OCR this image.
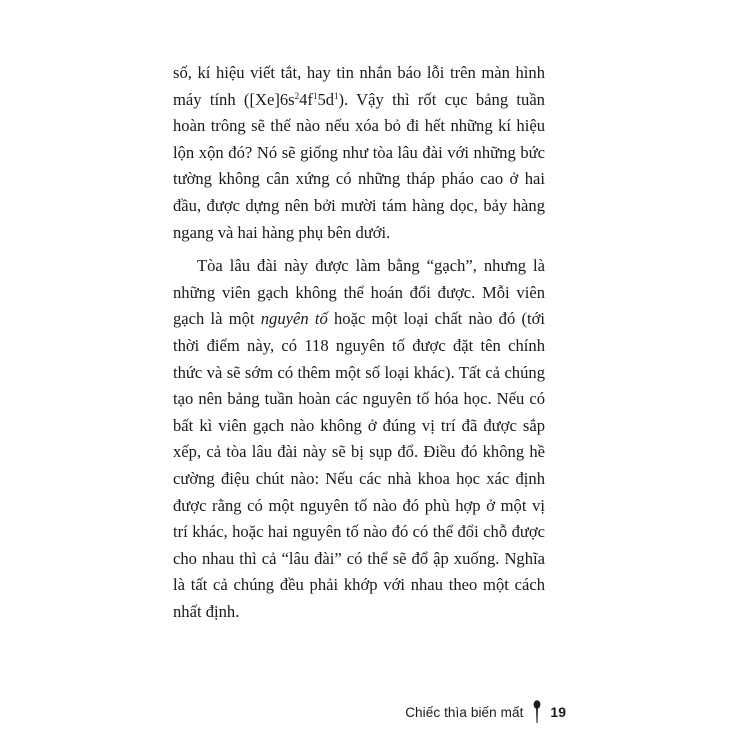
số, kí hiệu viết tắt, hay tin nhắn báo lỗi trên màn hình máy tính $([Xe]6s^24f^15d^1)$. Vậy thì rốt cục bảng tuần hoàn trông sẽ thế nào nếu xóa bỏ đi hết những kí hiệu lộn xộn đó? Nó sẽ giống như tòa lâu đài với những bức tường không cân xứng có những tháp pháo cao ở hai đầu, được dựng nên bởi mười tám hàng dọc, bảy hàng ngang và hai hàng phụ bên dưới.

Tòa lâu đài này được làm bằng “gạch”, nhưng là những viên gạch không thể hoán đổi được. Mỗi viên gạch là một nguyên tố hoặc một loại chất nào đó (tới thời điểm này, có 118 nguyên tố được đặt tên chính thức và sẽ sớm có thêm một số loại khác). Tất cả chúng tạo nên bảng tuần hoàn các nguyên tố hóa học. Nếu có bất kì viên gạch nào không ở đúng vị trí đã được sắp xếp, cả tòa lâu đài này sẽ bị sụp đổ. Điều đó không hề cường điệu chút nào: Nếu các nhà khoa học xác định được rằng có một nguyên tố nào đó phù hợp ở một vị trí khác, hoặc hai nguyên tố nào đó có thể đổi chỗ được cho nhau thì cả “lâu đài” có thể sẽ đổ ập xuống. Nghĩa là tất cả chúng đều phải khớp với nhau theo một cách nhất định.

Chiếc thìa biến mất 19
